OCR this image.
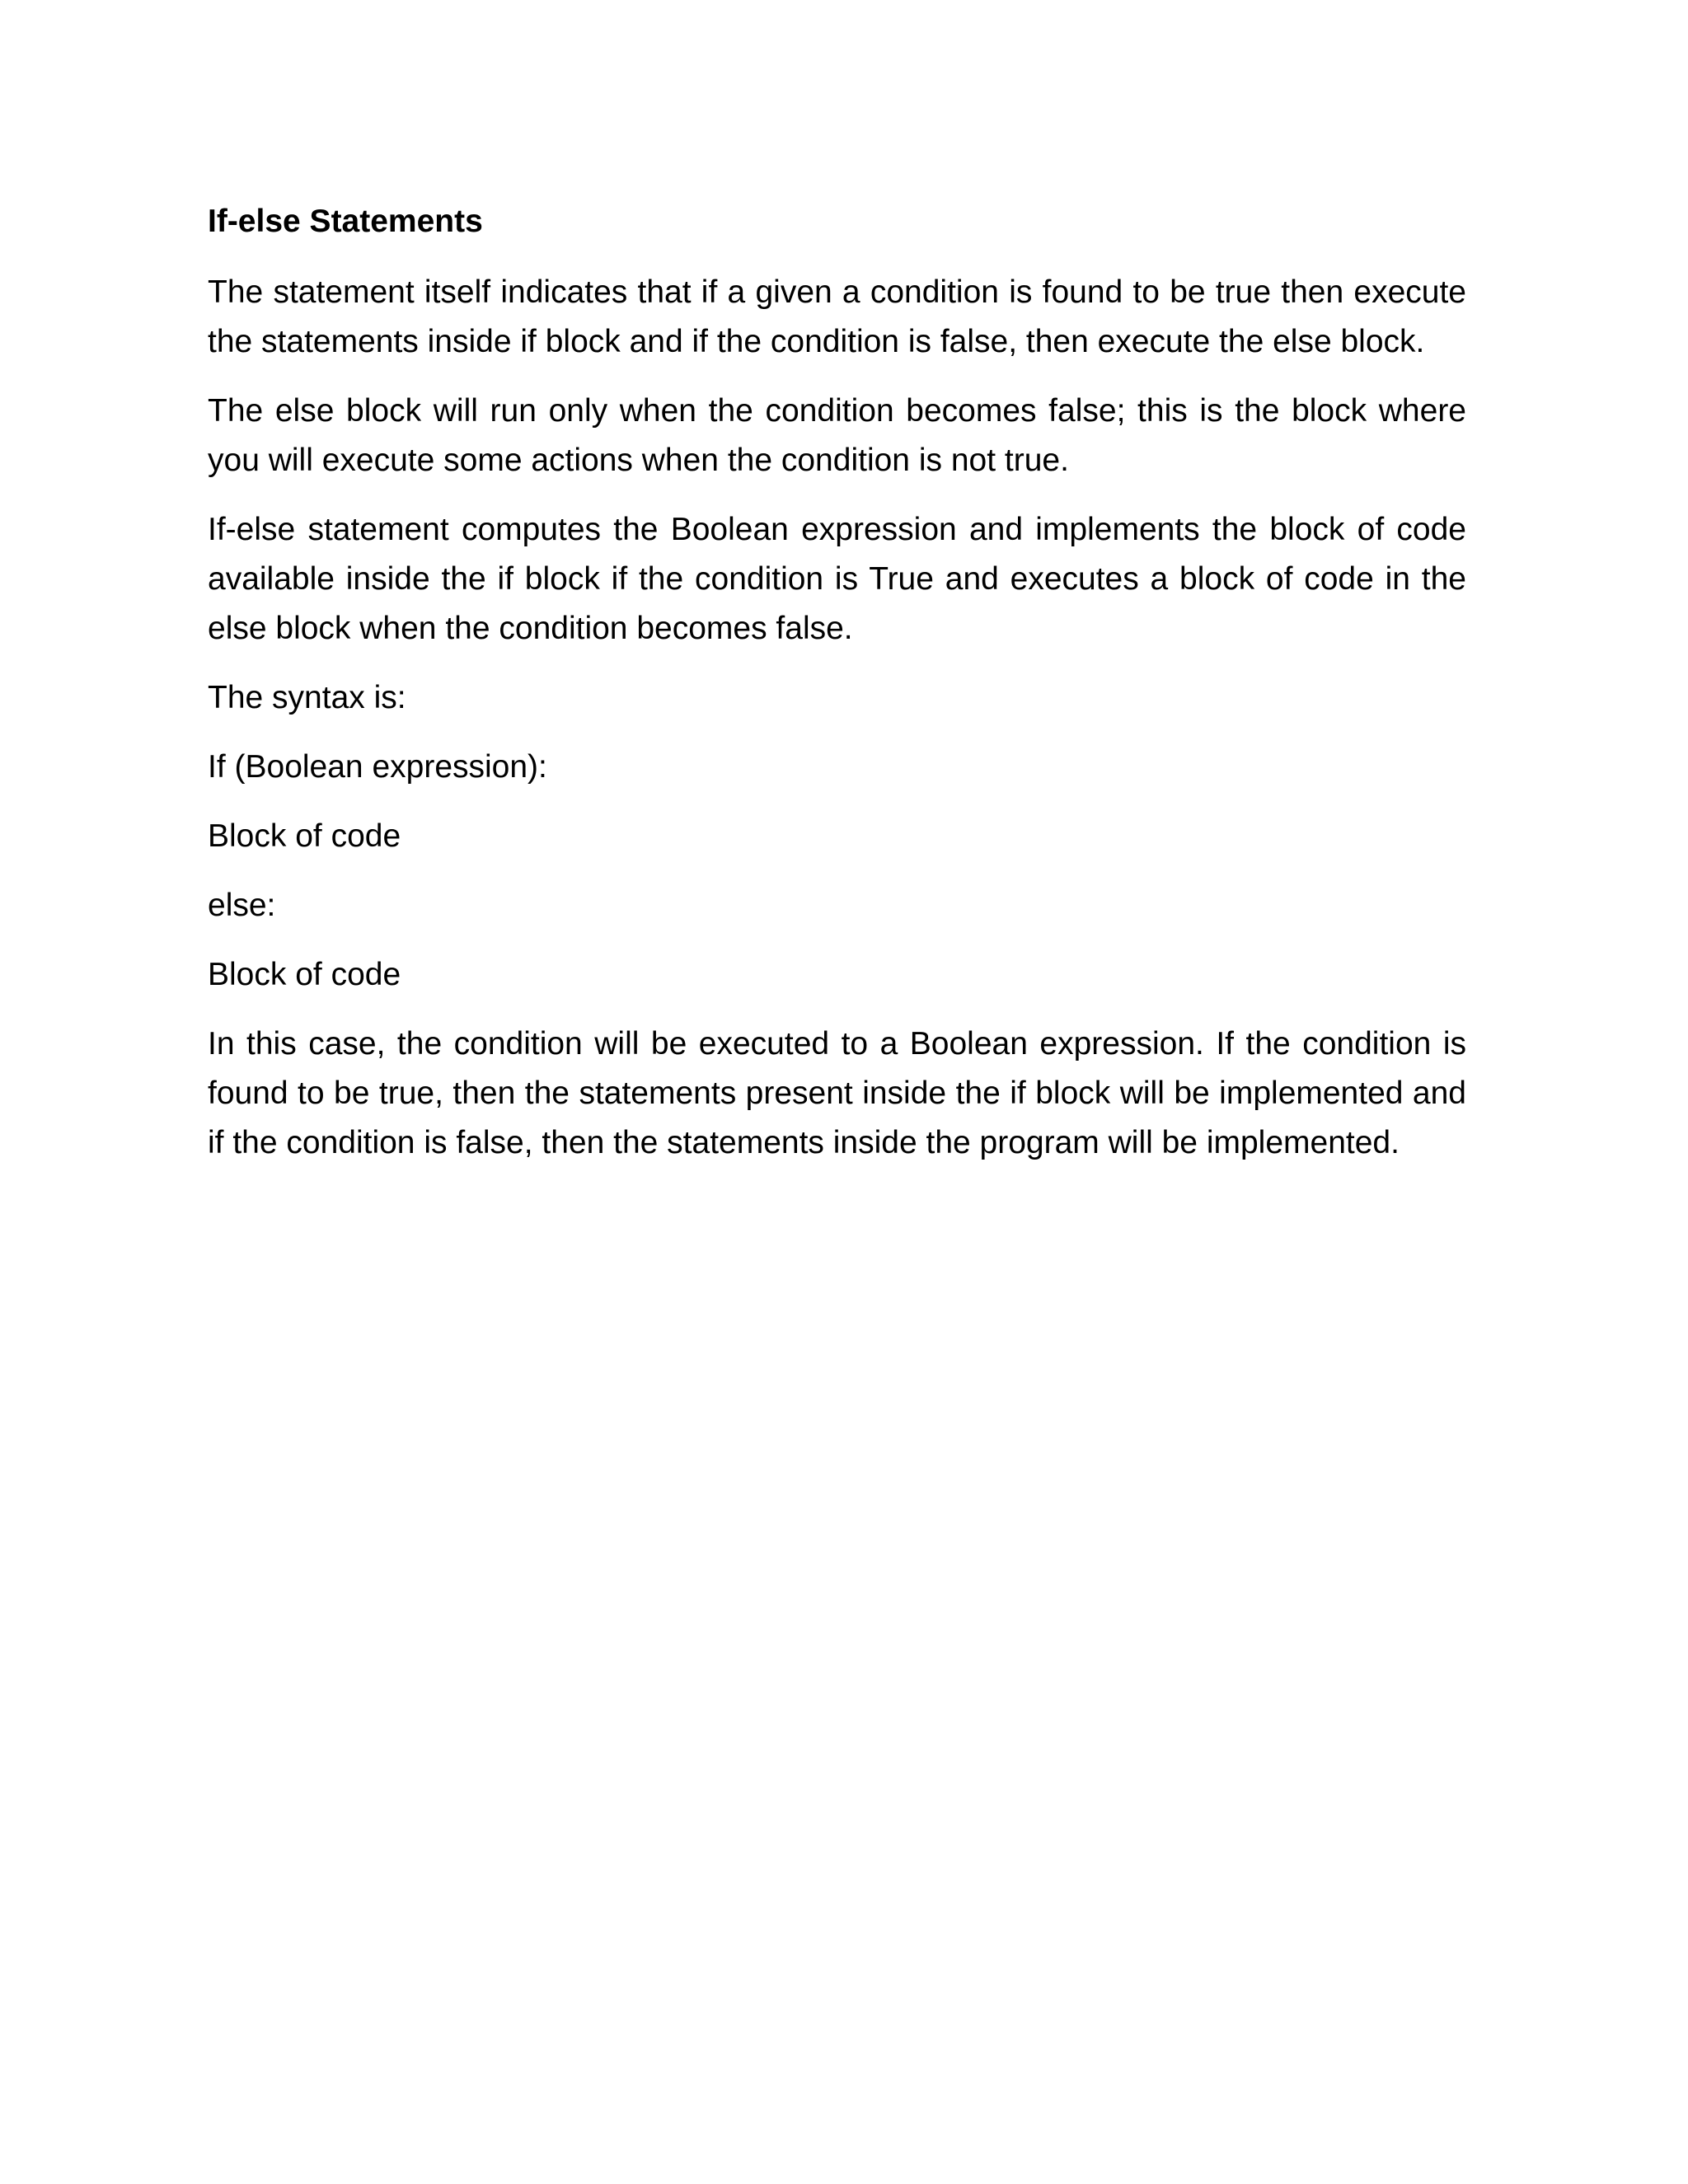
If-else Statements

The statement itself indicates that if a given a condition is found to be true then execute the statements inside if block and if the condition is false, then execute the else block.

The else block will run only when the condition becomes false; this is the block where you will execute some actions when the condition is not true.

If-else statement computes the Boolean expression and implements the block of code available inside the if block if the condition is True and executes a block of code in the else block when the condition becomes false.

The syntax is:

If (Boolean expression):

Block of code

else:

Block of code

In this case, the condition will be executed to a Boolean expression. If the condition is found to be true, then the statements present inside the if block will be implemented and if the condition is false, then the statements inside the program will be implemented.
